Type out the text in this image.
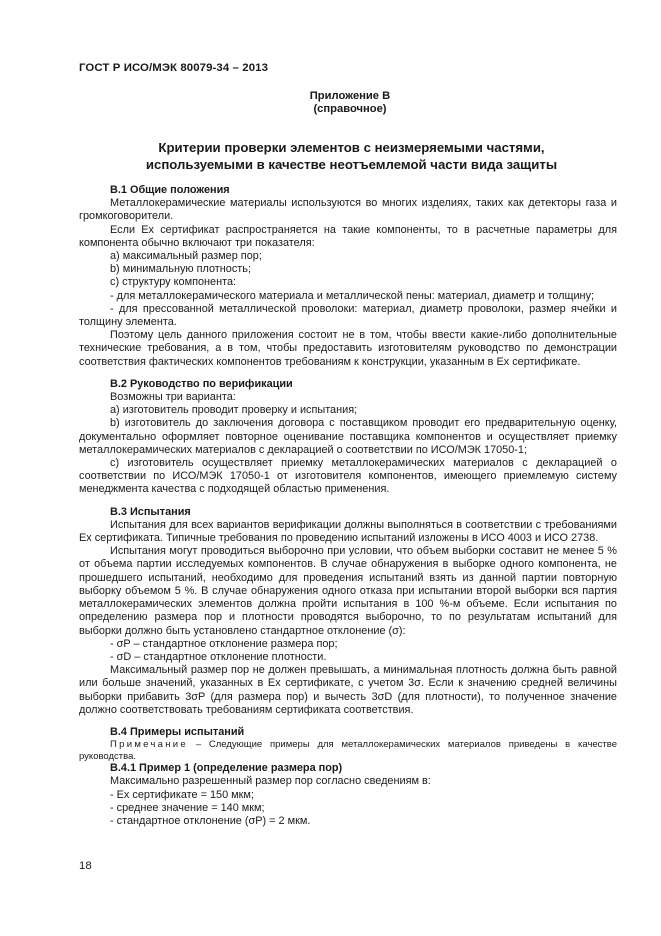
ГОСТ Р ИСО/МЭК 80079-34 – 2013
Приложение В
(справочное)
Критерии проверки элементов с неизмеряемыми частями,
используемыми в качестве неотъемлемой части вида защиты

В.1 Общие положения

Металлокерамические материалы используются во многих изделиях, таких как детекторы газа и громкоговорители.

Если Ex сертификат распространяется на такие компоненты, то в расчетные параметры для компонента обычно включают три показателя:

a) максимальный размер пор;

b) минимальную плотность;

c) структуру компонента:

- для металлокерамического материала и металлической пены: материал, диаметр и толщину;

- для прессованной металлической проволоки: материал, диаметр проволоки, размер ячейки и толщину элемента.

Поэтому цель данного приложения состоит не в том, чтобы ввести какие-либо дополнительные технические требования, а в том, чтобы предоставить изготовителям руководство по демонстрации соответствия фактических компонентов требованиям к конструкции, указанным в Ex сертификате.

В.2 Руководство по верификации

Возможны три варианта:

a) изготовитель проводит проверку и испытания;

b) изготовитель до заключения договора с поставщиком проводит его предварительную оценку, документально оформляет повторное оценивание поставщика компонентов и осуществляет приемку металлокерамических материалов с декларацией о соответствии по ИСО/МЭК 17050-1;

c) изготовитель осуществляет приемку металлокерамических материалов с декларацией о соответствии по ИСО/МЭК 17050-1 от изготовителя компонентов, имеющего приемлемую систему менеджмента качества с подходящей областью применения.

В.3 Испытания

Испытания для всех вариантов верификации должны выполняться в соответствии с требованиями Ex сертификата. Типичные требования по проведению испытаний изложены в ИСО 4003 и ИСО 2738.

Испытания могут проводиться выборочно при условии, что объем выборки составит не менее 5 % от объема партии исследуемых компонентов. В случае обнаружения в выборке одного компонента, не прошедшего испытаний, необходимо для проведения испытаний взять из данной партии повторную выборку объемом 5 %. В случае обнаружения одного отказа при испытании второй выборки вся партия металлокерамических элементов должна пройти испытания в 100 %-м объеме. Если испытания по определению размера пор и плотности проводятся выборочно, то по результатам испытаний для выборки должно быть установлено стандартное отклонение (σ):

- σP – стандартное отклонение размера пор;

- σD – стандартное отклонение плотности.

Максимальный размер пор не должен превышать, а минимальная плотность должна быть равной или больше значений, указанных в Ex сертификате, с учетом 3σ. Если к значению средней величины выборки прибавить 3σP (для размера пор) и вычесть 3σD (для плотности), то полученное значение должно соответствовать требованиям сертификата соответствия.

В.4 Примеры испытаний

Примечание – Следующие примеры для металлокерамических материалов приведены в качестве руководства.

В.4.1 Пример 1 (определение размера пор)

Максимально разрешенный размер пор согласно сведениям в:

- Ex сертификате = 150 мкм;

- среднее значение = 140 мкм;

- стандартное отклонение (σP) = 2 мкм.

18
